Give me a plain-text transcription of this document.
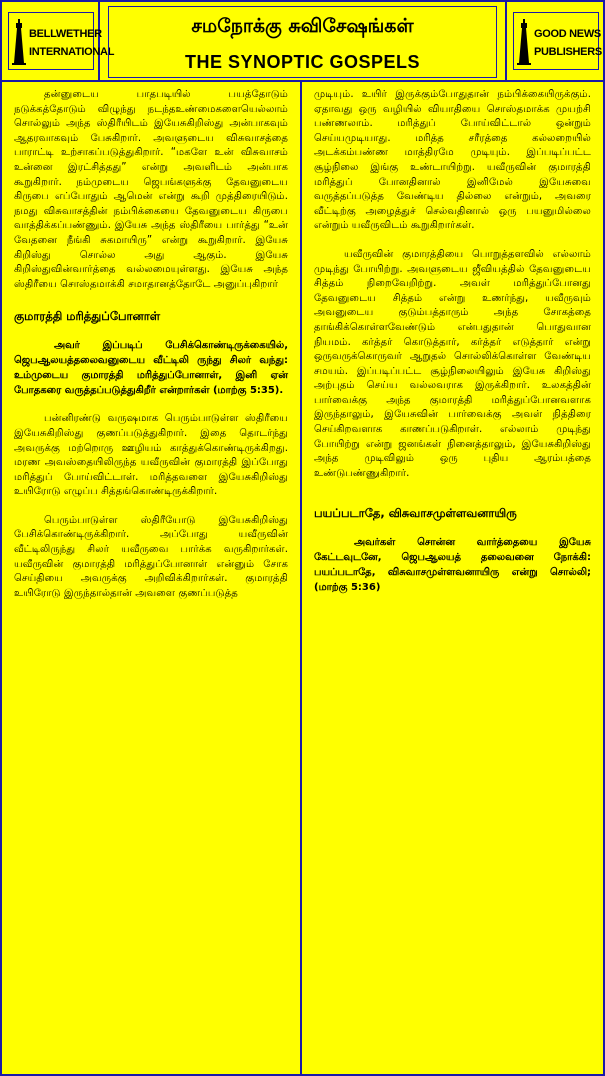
BELLWETHER
INTERNATIONAL
சமநோக்கு சுவிசேஷங்கள்
THE SYNOPTIC GOSPELS
GOOD NEWS
PUBLISHERS

தன்னுடைய பாதபடியில் பயத்தோடும் நடுக்கத்தோடும் விழுந்து நடந்தஉண்மைகளையெல்லாம் சொல்லும் அந்த ஸ்திரீயிடம் இயேசுகிறிஸ்து அன்பாகவும் ஆதரவாகவும் பேசுகிறார். அவளுடைய விசுவாசத்தை பாராட்டி உற்சாகப்படுத்துகிறார். “மகளே உன் விசுவாசம் உன்னை இரட்சித்தது” என்று அவளிடம் அன்பாக கூறுகிறார். நம்முடைய ஜெபங்களுக்கு தேவனுடைய கிருபை எப்போதும் ஆமென் என்று கூறி முத்திரையிடும். நமது விசுவாசத்தின் நம்பிக்கையை தேவனுடைய கிருபை வாத்திக்கப்பண்ணும். இயேசு அந்த ஸ்திரீயை பார்த்து “உன் வேதனை நீங்கி சுகமாயிரு” என்று கூறுகிறார். இயேசு கிறிஸ்து சொல்ல அது ஆகும். இயேசு கிறிஸ்துவின்வார்த்தை வல்லமையுள்ளது. இயேசு அந்த ஸ்திரீயை சொஸ்தமாக்கி சமாதானத்தோடே அனுப்புகிறார்

குமாரத்தி மரித்துப்போனாள்
அவர் இப்படிப் பேசிக்கொண்டிருக்கையில், ஜெபஆலயத்தலைவனுடைய வீட்டிலி ருந்து சிலர் வந்து: உம்முடைய குமாரத்தி மரித்துப்போனாள், இனி ஏன் போதகரை வருத்தப்படுத்துகிறீர் என்றார்கள் (மாற்கு 5:35).

பன்னிரண்டு வருஷமாக பெரும்பாடுள்ள ஸ்திரீயை இயேசுகிறிஸ்து குணப்படுத்துகிறார். இதை தொடர்ந்து அவருக்கு மற்றொரு ஊழியம் காத்துக்கொண்டிருக்கிறது. மரண அவஸ்தையிலிருந்த யவீருவின் குமாரத்தி இப்போது மரித்துப் போய்விட்டாள். மரித்தவளை இயேசுகிறிஸ்து உயிரோடு எழுப்ப சித்தங்கொண்டிருக்கிறார்.

பெரும்பாடுள்ள ஸ்திரீயோடு இயேசுகிறிஸ்து பேசிக்கொண்டிருக்கிறார். அப்போது யவீருவின் வீட்டிலிருந்து சிலர் யவீருவை பார்க்க வருகிறார்கள். யவீருவின் குமாரத்தி மரித்துப்போனாள் என்னும் சோக செய்தியை அவருக்கு அறிவிக்கிறார்கள். குமாரத்தி உயிரோடு இருந்தால்தான் அவளை குணப்படுத்த

முடியும். உயிர் இருக்கும்போதுதான் நம்பிக்கையிருக்கும். ஏதாவது ஒரு வழியில் வியாதியை சொஸ்தமாக்க முயற்சி பண்ணலாம். மரித்துப் போய்விட்டால் ஒன்றும் செய்யமுடியாது. மரித்த சரீரத்தை கல்லறையில் அடக்கம்பண்ண மாத்திரமே முடியும். இப்படிப்பட்ட சூழ்நிலை இங்கு உண்டாயிற்று. யவீருவின் குமாரத்தி மரித்துப் போனதினால் இனிமேல் இயேசுவை வருத்தப்படுத்த வேண்டிய தில்லை என்றும், அவரை வீட்டிற்கு அழைத்துச் செல்வதினால் ஒரு பயனுமில்லை என்றும் யவீருவிடம் கூறுகிறார்கள்.

யவீருவின் குமாரத்தியை பொறுத்தளவில் எல்லாம் முடிந்து போயிற்று. அவளுடைய ஜீவியத்தில் தேவனுடைய சித்தம் நிறைவேறிற்று. அவள் மரித்துப்போனது தேவனுடைய சித்தம் என்று உணர்ந்து, யவீருவும் அவனுடைய குடும்பத்தாரும் அந்த சோகத்தை தாங்கிக்கொள்ளவேண்டும் என்பதுதான் பொதுவான நியமம். கர்த்தர் கொடுத்தார், கர்த்தர் எடுத்தார் என்று ஒருவருக்கொருவர் ஆறுதல் சொல்லிக்கொள்ள வேண்டிய சமயம். இப்படிப்பட்ட சூழ்நிலையிலும் இயேசு கிறிஸ்து அற்புதம் செய்ய வல்லவராக இருக்கிறார். உலகத்தின் பார்வைக்கு அந்த குமாரத்தி மரித்துப்போனவளாக இருந்தாலும், இயேசுவின் பார்வைக்கு அவள் நித்திரை செய்கிறவளாக காணப்படுகிறாள். எல்லாம் முடிந்து போயிற்று என்று ஜனங்கள் நினைத்தாலும், இயேசுகிறிஸ்து அந்த முடிவிலும் ஒரு புதிய ஆரம்பத்தை உண்டுபண்ணுகிறார்.

பயப்படாதே, விசுவாசமுள்ளவனாயிரு
அவர்கள் சொன்ன வார்த்தையை இயேசு கேட்டவுடனே, ஜெபஆலயத் தலைவனை நோக்கி: பயப்படாதே, விசுவாசமுள்ளவனாயிரு என்று சொல்லி; (மாற்கு 5:36)
